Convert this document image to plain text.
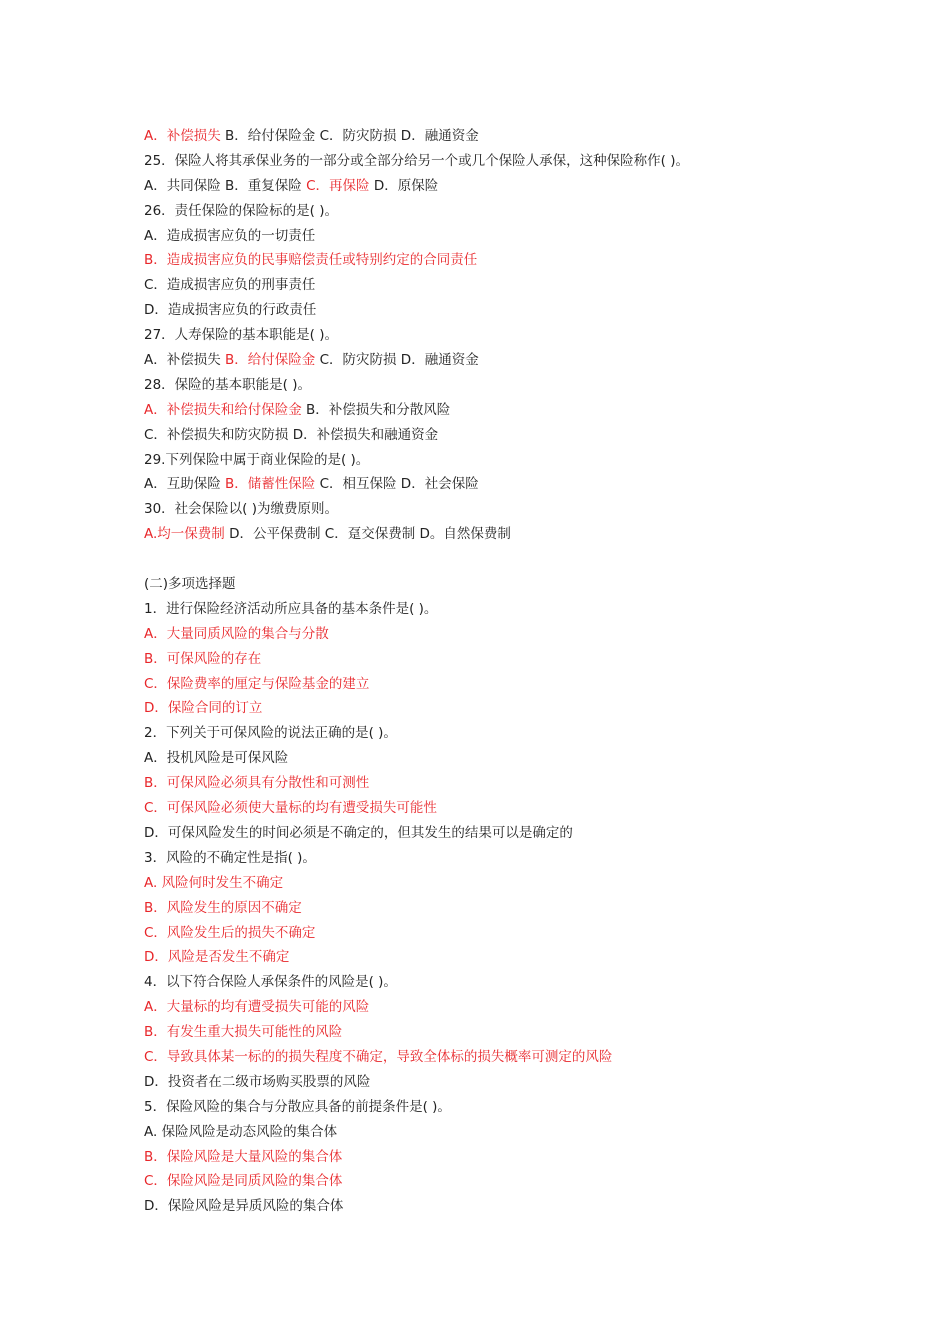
A．补偿损失 B．给付保险金 C．防灾防损 D．融通资金
25．保险人将其承保业务的一部分或全部分给另一个或几个保险人承保，这种保险称作( )。
A．共同保险 B．重复保险 C．再保险 D．原保险
26．责任保险的保险标的是( )。
A．造成损害应负的一切责任
B．造成损害应负的民事赔偿责任或特别约定的合同责任
C．造成损害应负的刑事责任
D．造成损害应负的行政责任
27．人寿保险的基本职能是( )。
A．补偿损失 B．给付保险金 C．防灾防损 D．融通资金
28．保险的基本职能是( )。
A．补偿损失和给付保险金 B．补偿损失和分散风险
C．补偿损失和防灾防损 D．补偿损失和融通资金
29.下列保险中属于商业保险的是( )。
A．互助保险 B．储蓄性保险 C．相互保险 D．社会保险
30．社会保险以( )为缴费原则。
A.均一保费制 D．公平保费制 C．趸交保费制 D。自然保费制
(二)多项选择题
1．进行保险经济活动所应具备的基本条件是( )。
A．大量同质风险的集合与分散
B．可保风险的存在
C．保险费率的厘定与保险基金的建立
D．保险合同的订立
2．下列关于可保风险的说法正确的是( )。
A．投机风险是可保风险
B．可保风险必须具有分散性和可测性
C．可保风险必须使大量标的均有遭受损失可能性
D．可保风险发生的时间必须是不确定的，但其发生的结果可以是确定的
3．风险的不确定性是指( )。
A. 风险何时发生不确定
B．风险发生的原因不确定
C．风险发生后的损失不确定
D．风险是否发生不确定
4．以下符合保险人承保条件的风险是( )。
A．大量标的均有遭受损失可能的风险
B．有发生重大损失可能性的风险
C．导致具体某一标的的损失程度不确定，导致全体标的损失概率可测定的风险
D．投资者在二级市场购买股票的风险
5．保险风险的集合与分散应具备的前提条件是( )。
A. 保险风险是动态风险的集合体
B．保险风险是大量风险的集合体
C．保险风险是同质风险的集合体
D．保险风险是异质风险的集合体
